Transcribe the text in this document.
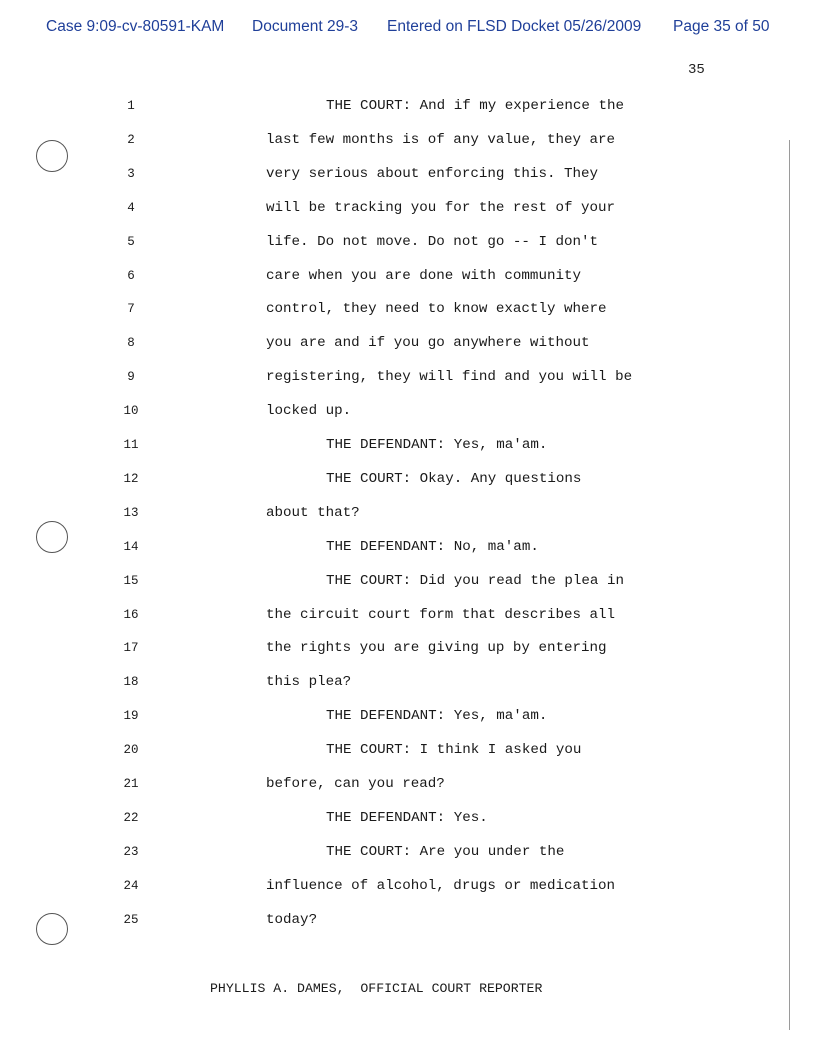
Case 9:09-cv-80591-KAM Document 29-3 Entered on FLSD Docket 05/26/2009 Page 35 of 50
35
1	THE COURT: And if my experience the
2	last few months is of any value, they are
3	very serious about enforcing this. They
4	will be tracking you for the rest of your
5	life. Do not move. Do not go -- I don't
6	care when you are done with community
7	control, they need to know exactly where
8	you are and if you go anywhere without
9	registering, they will find and you will be
10	locked up.
11	THE DEFENDANT: Yes, ma'am.
12	THE COURT: Okay. Any questions
13	about that?
14	THE DEFENDANT: No, ma'am.
15	THE COURT: Did you read the plea in
16	the circuit court form that describes all
17	the rights you are giving up by entering
18	this plea?
19	THE DEFENDANT: Yes, ma'am.
20	THE COURT: I think I asked you
21	before, can you read?
22	THE DEFENDANT: Yes.
23	THE COURT: Are you under the
24	influence of alcohol, drugs or medication
25	today?
PHYLLIS A. DAMES,  OFFICIAL COURT REPORTER
